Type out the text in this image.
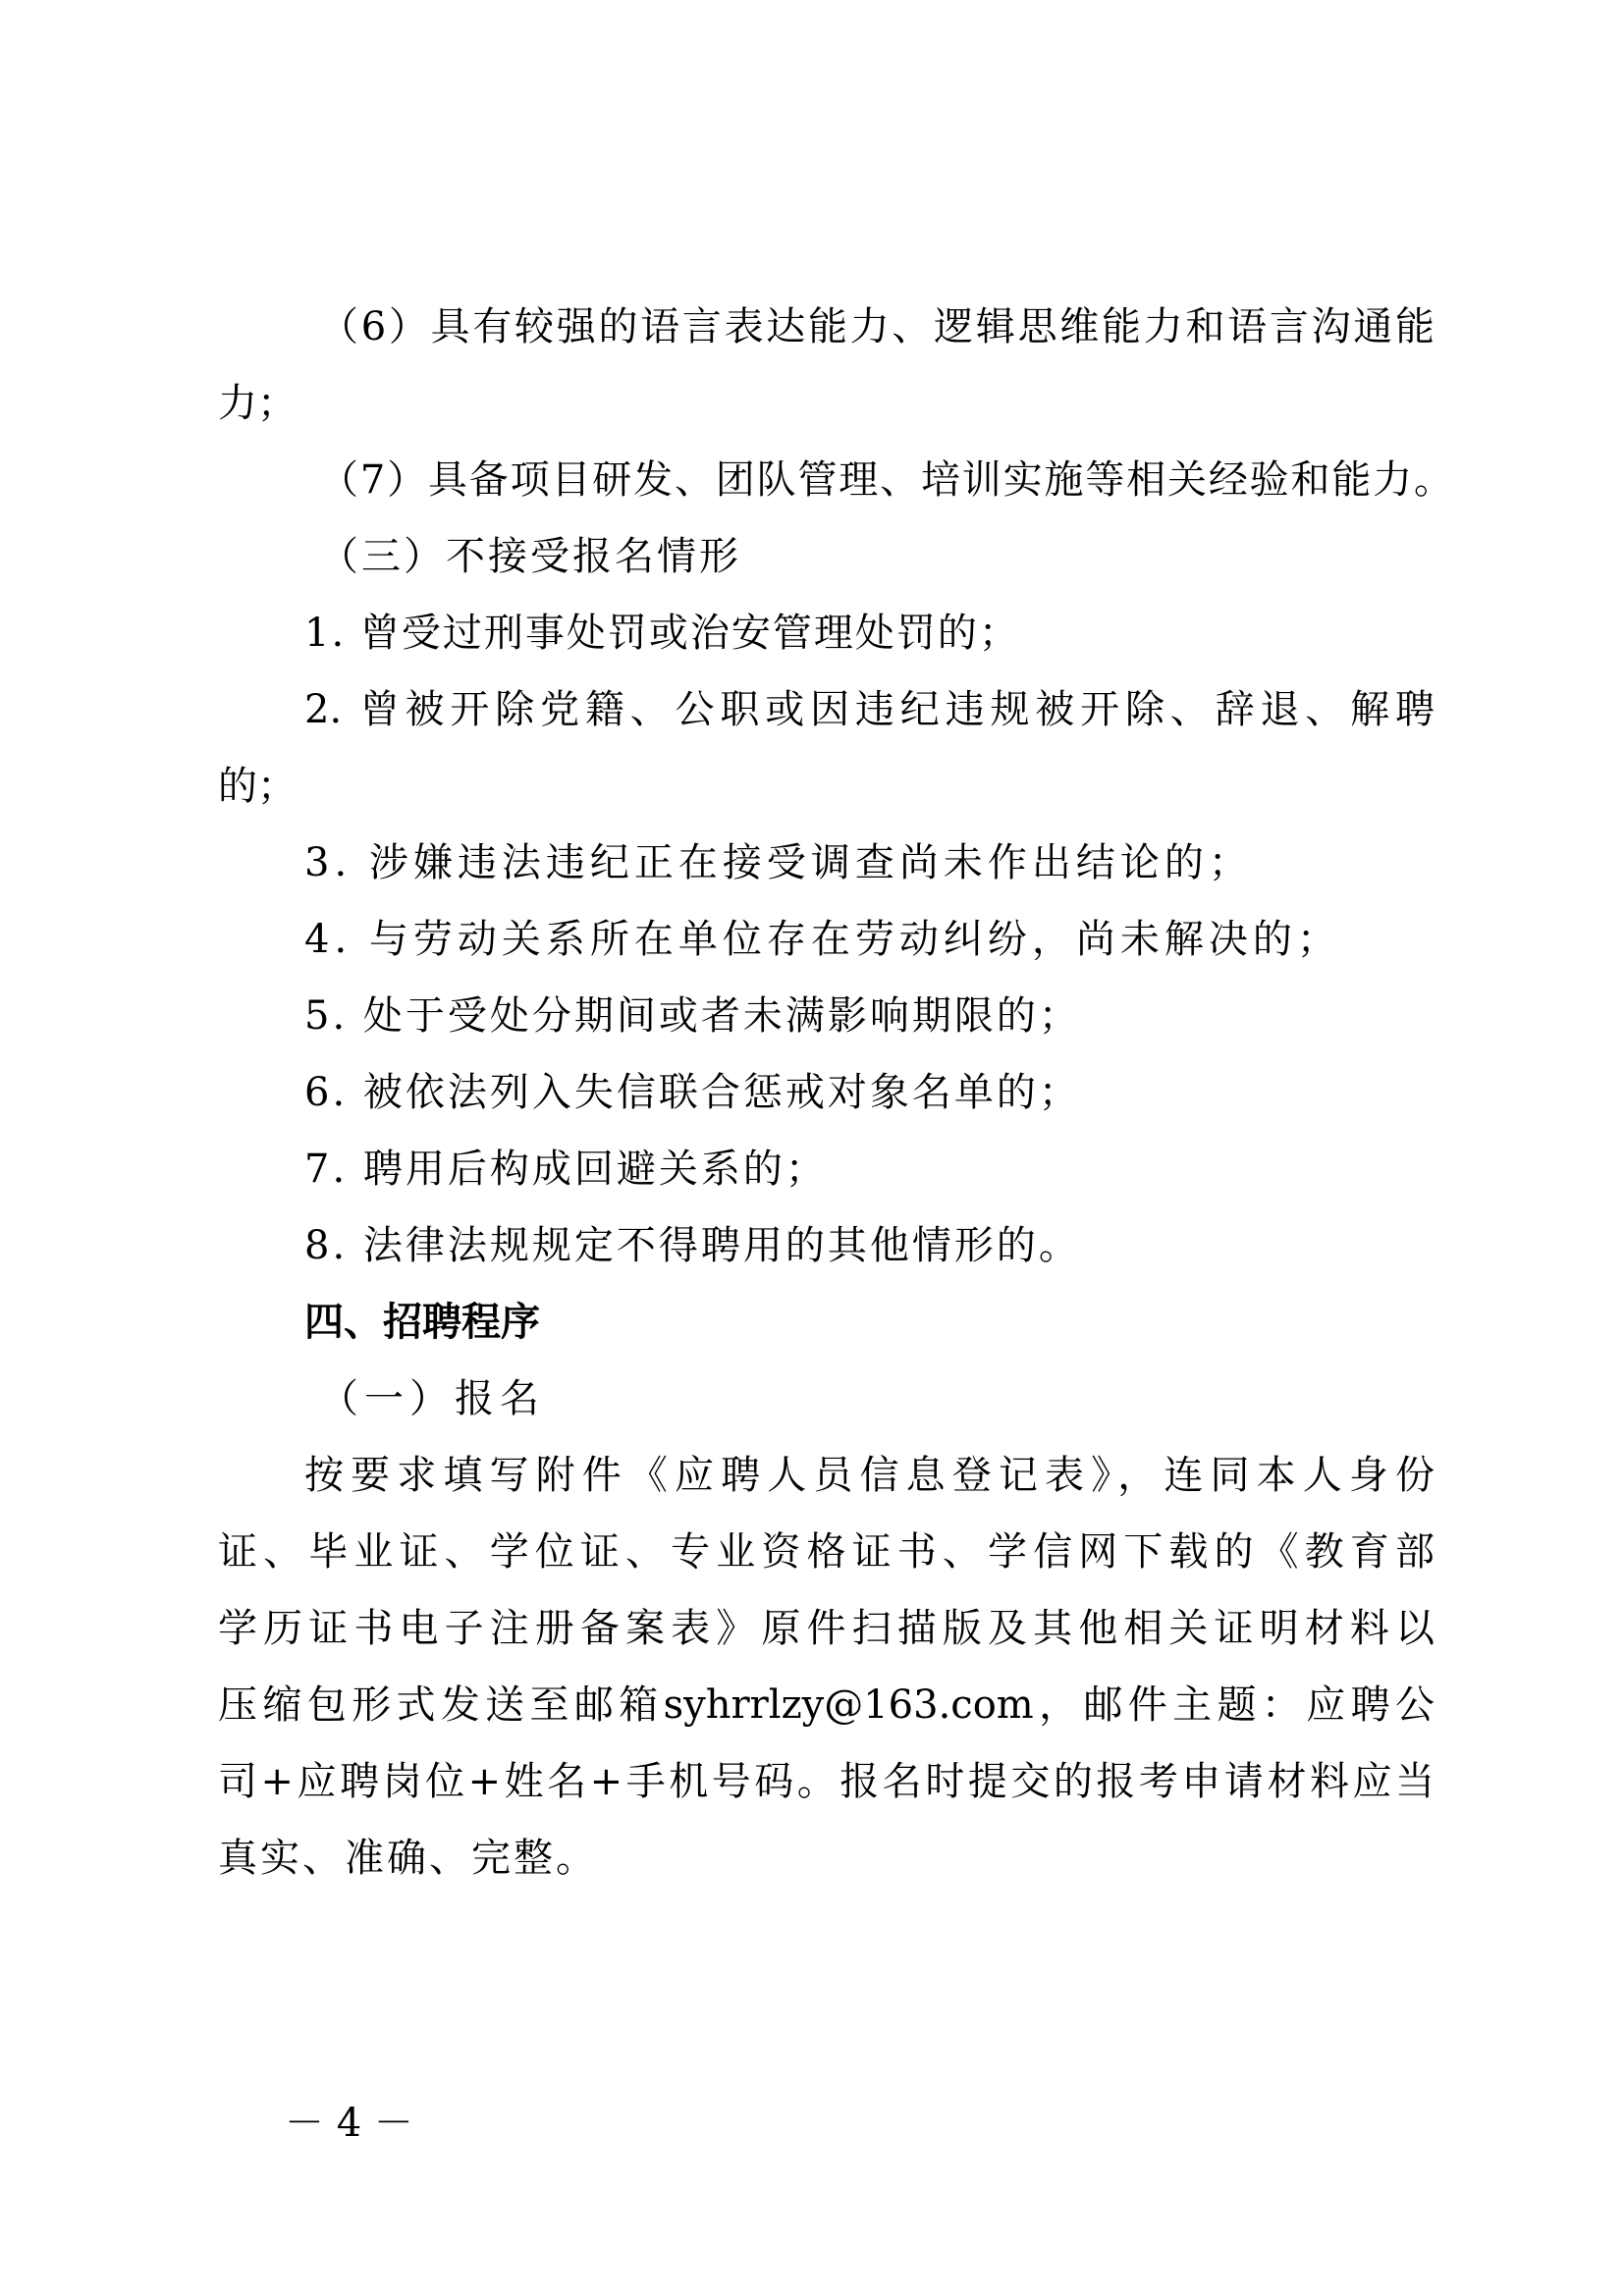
（6）具有较强的语言表达能力、逻辑思维能力和语言沟通能

力；

（7）具备项目研发、团队管理、培训实施等相关经验和能力。

（三）不接受报名情形

1. 曾受过刑事处罚或治安管理处罚的；

2. 曾被开除党籍、公职或因违纪违规被开除、辞退、解聘

的；

3. 涉嫌违法违纪正在接受调查尚未作出结论的；

4. 与劳动关系所在单位存在劳动纠纷，尚未解决的；

5. 处于受处分期间或者未满影响期限的；

6. 被依法列入失信联合惩戒对象名单的；

7. 聘用后构成回避关系的；

8. 法律法规规定不得聘用的其他情形的。

四、招聘程序

（一）报名

按要求填写附件《应聘人员信息登记表》，连同本人身份

证、毕业证、学位证、专业资格证书、学信网下载的《教育部

学历证书电子注册备案表》原件扫描版及其他相关证明材料以

压缩包形式发送至邮箱syhrrlzy@163.com，邮件主题：应聘公

司+应聘岗位+姓名+手机号码。报名时提交的报考申请材料应当

真实、准确、完整。

－ 4 －
